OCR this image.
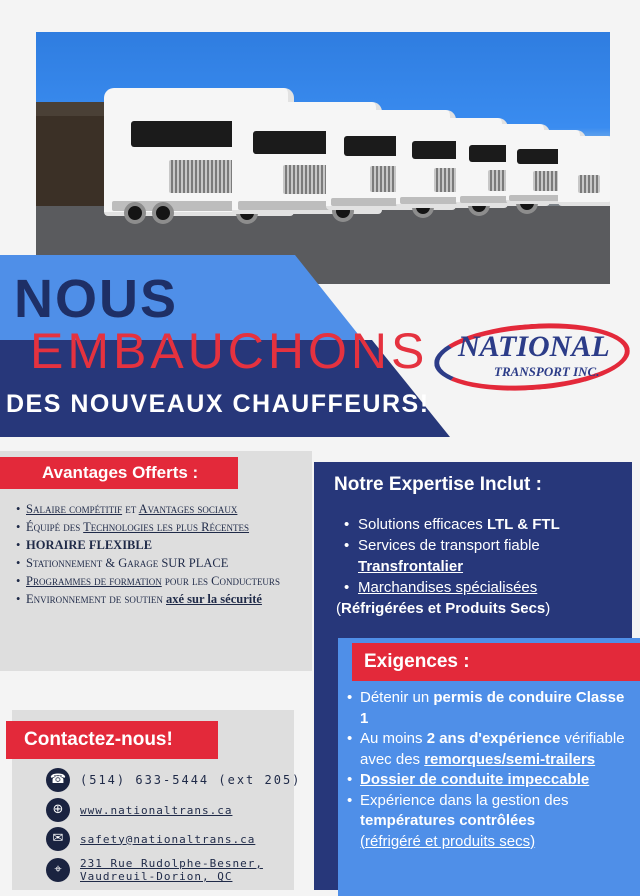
NOUS
EMBAUCHONS
DES NOUVEAUX CHAUFFEURS!
NATIONAL
TRANSPORT INC.
Avantages Offerts :
• Salaire compétitif et Avantages sociaux
• Équipé des Technologies les plus Récentes
• HORAIRE FLEXIBLE
• Stationnement & Garage SUR PLACE
• Programmes de formation pour les Conducteurs
• Environnement de soutien axé sur la sécurité
Notre Expertise Inclut :
• Solutions efficaces LTL & FTL
• Services de transport fiable Transfrontalier
• Marchandises spécialisées
(Réfrigérées et Produits Secs)
Exigences :
• Détenir un permis de conduire Classe 1
• Au moins 2 ans d'expérience vérifiable avec des remorques/semi-trailers
• Dossier de conduite impeccable
• Expérience dans la gestion des températures contrôlées
(réfrigéré et produits secs)
Contactez-nous!
☎	(514) 633-5444 (ext 205)
⊕	www.nationaltrans.ca
✉	safety@nationaltrans.ca
⌖	231 Rue Rudolphe-Besner,
Vaudreuil-Dorion, QC
